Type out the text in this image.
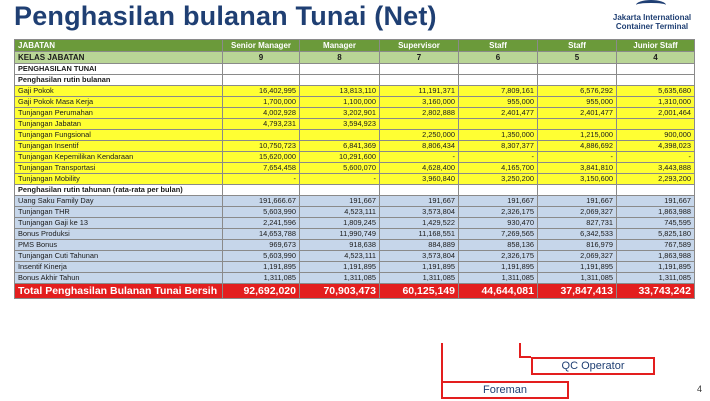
Penghasilan bulanan Tunai (Net)	Jakarta International
Container Terminal
JABATAN	Senior Manager	Manager	Supervisor	Staff	Staff	Junior Staff
KELAS JABATAN	9	8	7	6	5	4
PENGHASILAN TUNAI						
Penghasilan rutin bulanan						
Gaji Pokok	16,402,995	13,813,110	11,191,371	7,809,161	6,576,292	5,635,680
Gaji Pokok Masa Kerja	1,700,000	1,100,000	3,160,000	955,000	955,000	1,310,000
Tunjangan Perumahan	4,002,928	3,202,901	2,802,888	2,401,477	2,401,477	2,001,464
Tunjangan Jabatan	4,793,231	3,594,923				
Tunjangan Fungsional			2,250,000	1,350,000	1,215,000	900,000
Tunjangan Insentif	10,750,723	6,841,369	8,806,434	8,307,377	4,886,692	4,398,023
Tunjangan Kepemilikan Kendaraan	15,620,000	10,291,600	-	-	-	-
Tunjangan Transportasi	7,654,458	5,600,070	4,628,400	4,165,700	3,841,810	3,443,888
Tunjangan Mobility	-	-	3,960,840	3,250,200	3,150,600	2,293,200
Penghasilan rutin tahunan (rata-rata per bulan)						
Uang Saku Family Day	191,666.67	191,667	191,667	191,667	191,667	191,667
Tunjangan THR	5,603,990	4,523,111	3,573,804	2,326,175	2,069,327	1,863,988
Tunjangan Gaji ke 13	2,241,596	1,809,245	1,429,522	930,470	827,731	745,595
Bonus Produksi	14,653,788	11,990,749	11,168,551	7,269,565	6,342,533	5,825,180
PMS Bonus	969,673	918,638	884,889	858,136	816,979	767,589
Tunjangan Cuti Tahunan	5,603,990	4,523,111	3,573,804	2,326,175	2,069,327	1,863,988
Insentif Kinerja	1,191,895	1,191,895	1,191,895	1,191,895	1,191,895	1,191,895
Bonus Akhir Tahun	1,311,085	1,311,085	1,311,085	1,311,085	1,311,085	1,311,085
Total Penghasilan Bulanan Tunai Bersih	92,692,020	70,903,473	60,125,149	44,644,081	37,847,413	33,743,242
QC Operator
Foreman	4
